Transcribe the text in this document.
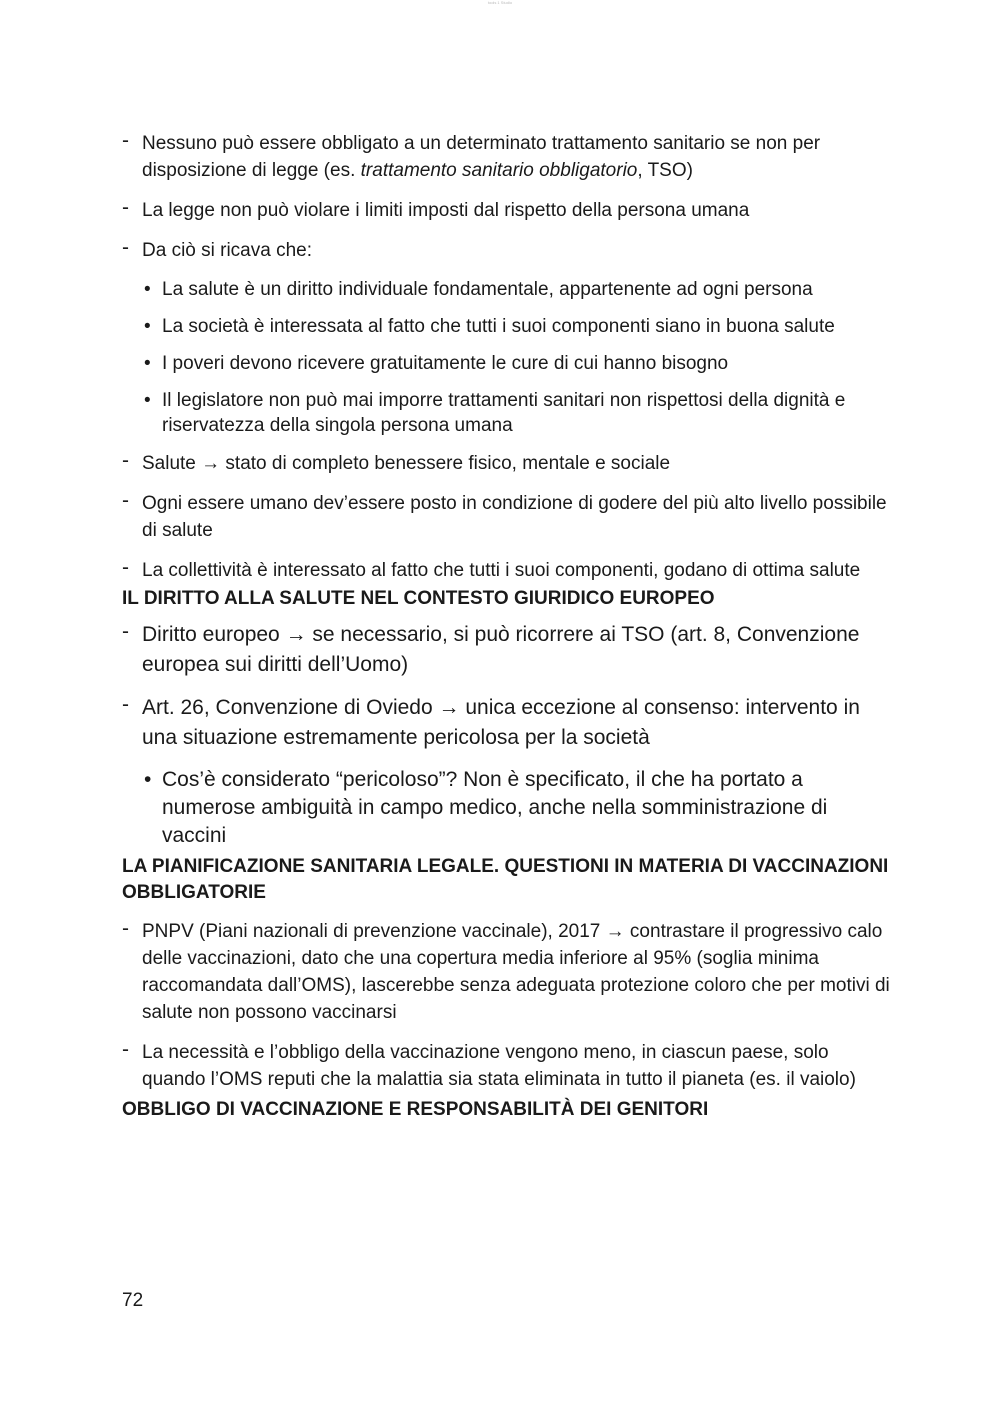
tools 1 Studio
- Nessuno può essere obbligato a un determinato trattamento sanitario se non per disposizione di legge (es. trattamento sanitario obbligatorio, TSO)
- La legge non può violare i limiti imposti dal rispetto della persona umana
- Da ciò si ricava che:
• La salute è un diritto individuale fondamentale, appartenente ad ogni persona
• La società è interessata al fatto che tutti i suoi componenti siano in buona salute
• I poveri devono ricevere gratuitamente le cure di cui hanno bisogno
• Il legislatore non può mai imporre trattamenti sanitari non rispettosi della dignità e riservatezza della singola persona umana
- Salute → stato di completo benessere fisico, mentale e sociale
- Ogni essere umano dev’essere posto in condizione di godere del più alto livello possibile di salute
- La collettività è interessato al fatto che tutti i suoi componenti, godano di ottima salute
IL DIRITTO ALLA SALUTE NEL CONTESTO GIURIDICO EUROPEO
- Diritto europeo → se necessario, si può ricorrere ai TSO (art. 8, Convenzione europea sui diritti dell’Uomo)
- Art. 26, Convenzione di Oviedo → unica eccezione al consenso: intervento in una situazione estremamente pericolosa per la società
• Cos’è considerato “pericoloso”? Non è specificato, il che ha portato a numerose ambiguità in campo medico, anche nella somministrazione di vaccini
LA PIANIFICAZIONE SANITARIA LEGALE. QUESTIONI IN MATERIA DI VACCINAZIONI OBBLIGATORIE
- PNPV (Piani nazionali di prevenzione vaccinale), 2017 → contrastare il progressivo calo delle vaccinazioni, dato che una copertura media inferiore al 95% (soglia minima raccomandata dall’OMS), lascerebbe senza adeguata protezione coloro che per motivi di salute non possono vaccinarsi
- La necessità e l’obbligo della vaccinazione vengono meno, in ciascun paese, solo quando l’OMS reputi che la malattia sia stata eliminata in tutto il pianeta (es. il vaiolo)
OBBLIGO DI VACCINAZIONE E RESPONSABILITÀ DEI GENITORI
72
